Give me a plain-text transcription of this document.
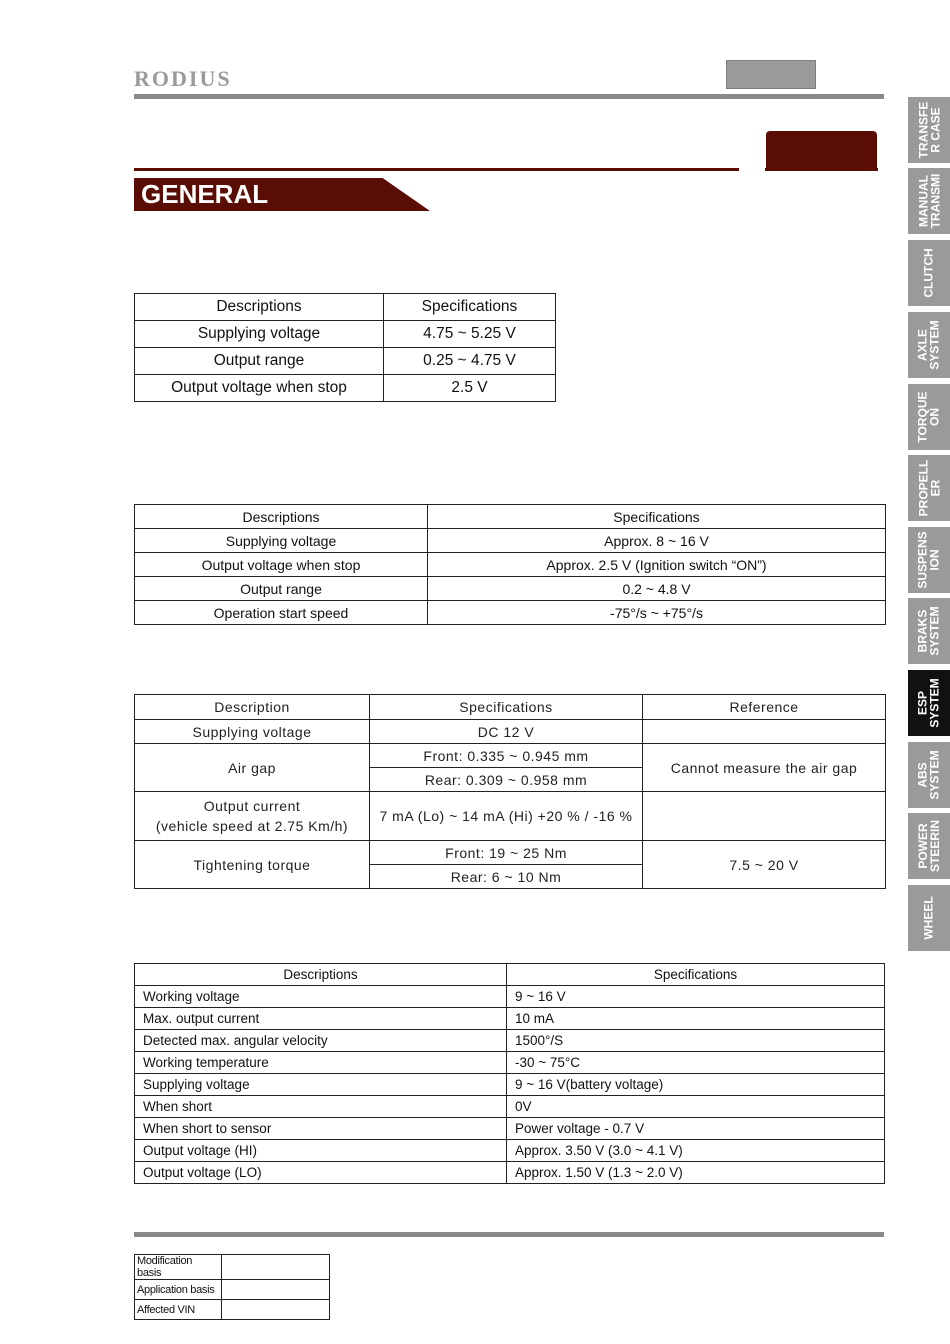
RODIUS
GENERAL
Descriptions	Specifications
Supplying voltage	4.75 ~ 5.25 V
Output range	0.25 ~ 4.75 V
Output voltage when stop	2.5 V
Descriptions	Specifications
Supplying voltage	Approx. 8 ~ 16 V
Output voltage when stop	Approx. 2.5 V (Ignition switch “ON”)
Output range	0.2 ~ 4.8 V
Operation start speed	-75°/s ~ +75°/s
Description	Specifications	Reference
Supplying voltage	DC 12 V	
Air gap	Front: 0.335 ~ 0.945 mm	Cannot measure the air gap
	Rear: 0.309 ~ 0.958 mm	

Output current
(vehicle speed at 2.75 Km/h)	7 mA (Lo) ~ 14 mA (Hi) +20 % / -16 %	
Tightening torque	Front: 19 ~ 25 Nm	7.5 ~ 20 V
	Rear: 6 ~ 10 Nm	
Descriptions	Specifications
Working voltage	9 ~ 16 V
Max. output current	10 mA
Detected max. angular velocity	1500°/S
Working temperature	-30 ~ 75°C
Supplying voltage	9 ~ 16 V(battery voltage)
When short	0V
When short to sensor	Power voltage - 0.7 V
Output voltage (HI)	Approx. 3.50 V (3.0 ~ 4.1 V)
Output voltage (LO)	Approx. 1.50 V (1.3 ~ 2.0 V)
Modification basis	
Application basis	
Affected VIN	
TRANSFE
R CASE
MANUAL
TRANSMI
CLUTCH
AXLE
SYSTEM
TORQUE
ON
PROPELL
ER
SUSPENS
ION
BRAKS
SYSTEM
ESP
SYSTEM
ABS
SYSTEM
POWER
STEERIN
WHEEL
